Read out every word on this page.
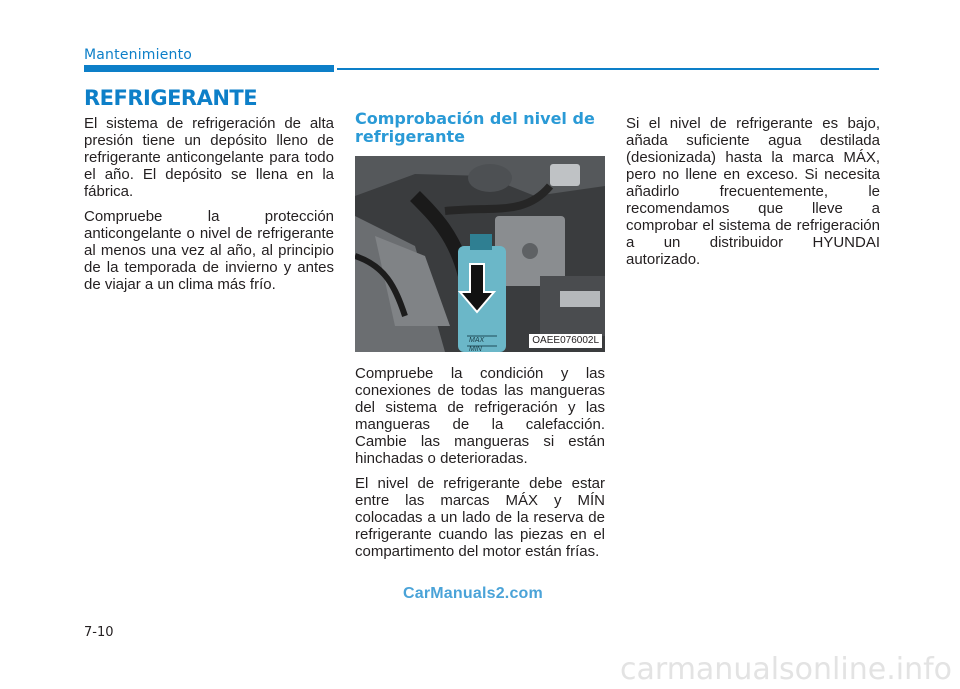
Mantenimiento
REFRIGERANTE

El sistema de refrigeración de alta presión tiene un depósito lleno de refrigerante anticongelante para todo el año. El depósito se llena en la fábrica.

Compruebe la protección anticongelante o nivel de refrigerante al menos una vez al año, al principio de la temporada de invierno y antes de viajar a un clima más frío.

Comprobación del nivel de refrigerante
MAX
MIN
OAEE076002L

Compruebe la condición y las conexiones de todas las mangueras del sistema de refrigeración y las mangueras de la calefacción. Cambie las mangueras si están hinchadas o deterioradas.

El nivel de refrigerante debe estar entre las marcas MÁX y MÍN colocadas a un lado de la reserva de refrigerante cuando las piezas en el compartimento del motor están frías.

Si el nivel de refrigerante es bajo, añada suficiente agua destilada (desionizada) hasta la marca MÁX, pero no llene en exceso. Si necesita añadirlo frecuentemente, le recomendamos que lleve a comprobar el sistema de refrigeración a un distribuidor HYUNDAI autorizado.

7-10
CarManuals2.com
carmanualsonline.info
